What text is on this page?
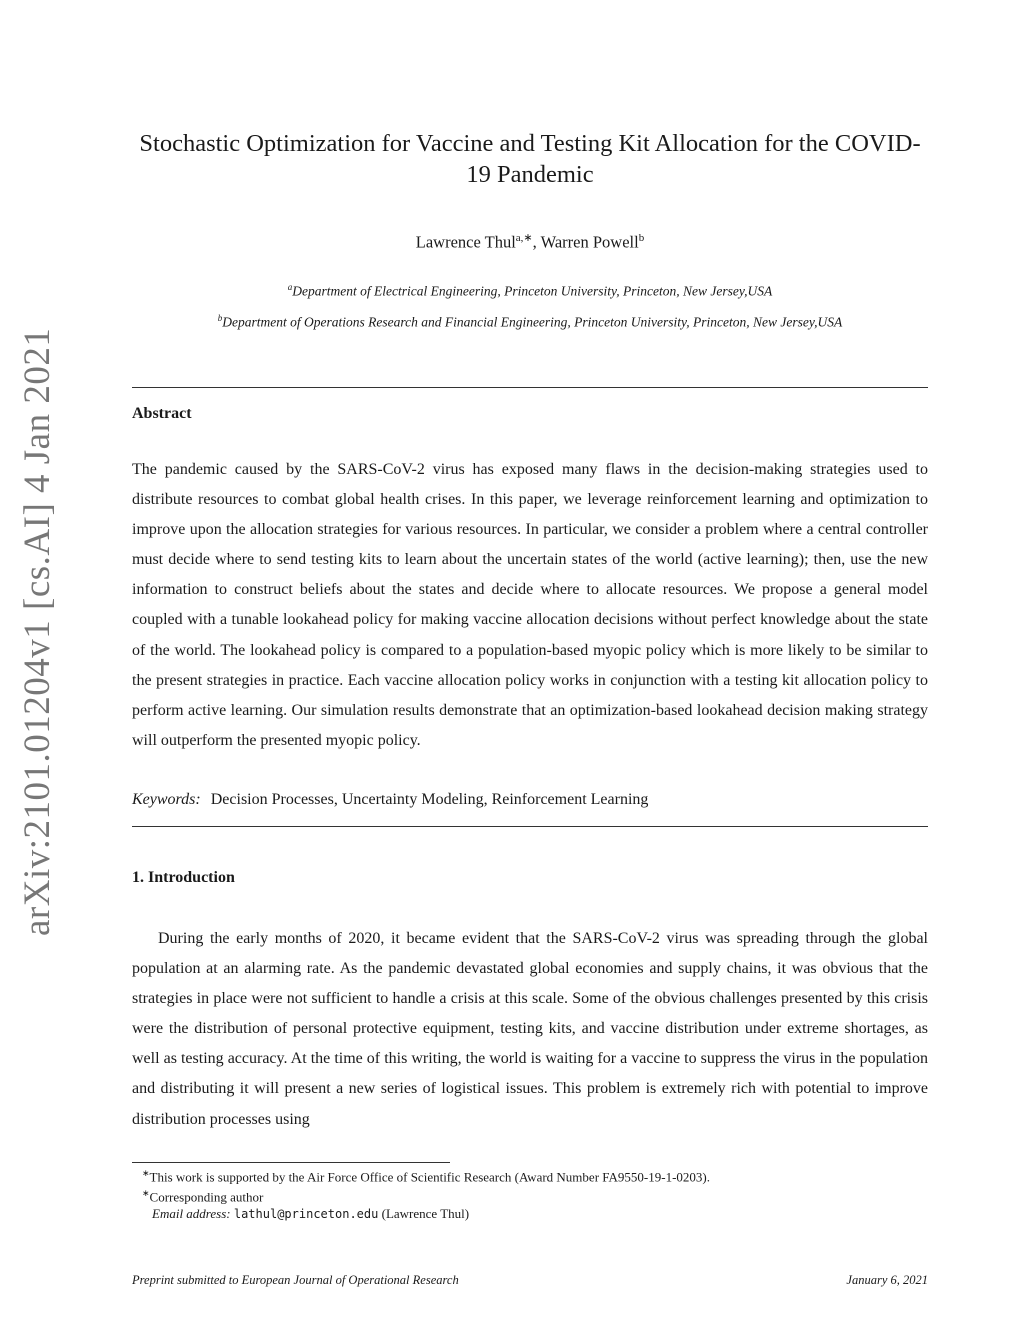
arXiv:2101.01204v1 [cs.AI] 4 Jan 2021
Stochastic Optimization for Vaccine and Testing Kit Allocation for the COVID-19 Pandemic
Lawrence Thul$^{a,∗}$, Warren Powell$^b$
$^a$Department of Electrical Engineering, Princeton University, Princeton, New Jersey,USA
$^b$Department of Operations Research and Financial Engineering, Princeton University, Princeton, New Jersey,USA
Abstract

The pandemic caused by the SARS-CoV-2 virus has exposed many flaws in the decision-making strategies used to distribute resources to combat global health crises. In this paper, we leverage reinforcement learning and optimization to improve upon the allocation strategies for various resources. In particular, we consider a problem where a central controller must decide where to send testing kits to learn about the uncertain states of the world (active learning); then, use the new information to construct beliefs about the states and decide where to allocate resources. We propose a general model coupled with a tunable lookahead policy for making vaccine allocation decisions without perfect knowledge about the state of the world. The lookahead policy is compared to a population-based myopic policy which is more likely to be similar to the present strategies in practice. Each vaccine allocation policy works in conjunction with a testing kit allocation policy to perform active learning. Our simulation results demonstrate that an optimization-based lookahead decision making strategy will outperform the presented myopic policy.

Keywords: Decision Processes, Uncertainty Modeling, Reinforcement Learning
1. Introduction

During the early months of 2020, it became evident that the SARS-CoV-2 virus was spreading through the global population at an alarming rate. As the pandemic devastated global economies and supply chains, it was obvious that the strategies in place were not sufficient to handle a crisis at this scale. Some of the obvious challenges presented by this crisis were the distribution of personal protective equipment, testing kits, and vaccine distribution under extreme shortages, as well as testing accuracy. At the time of this writing, the world is waiting for a vaccine to suppress the virus in the population and distributing it will present a new series of logistical issues. This problem is extremely rich with potential to improve distribution processes using

∗This work is supported by the Air Force Office of Scientific Research (Award Number FA9550-19-1-0203).
∗Corresponding author
Email address: lathul@princeton.edu (Lawrence Thul)
Preprint submitted to European Journal of Operational Research	January 6, 2021
